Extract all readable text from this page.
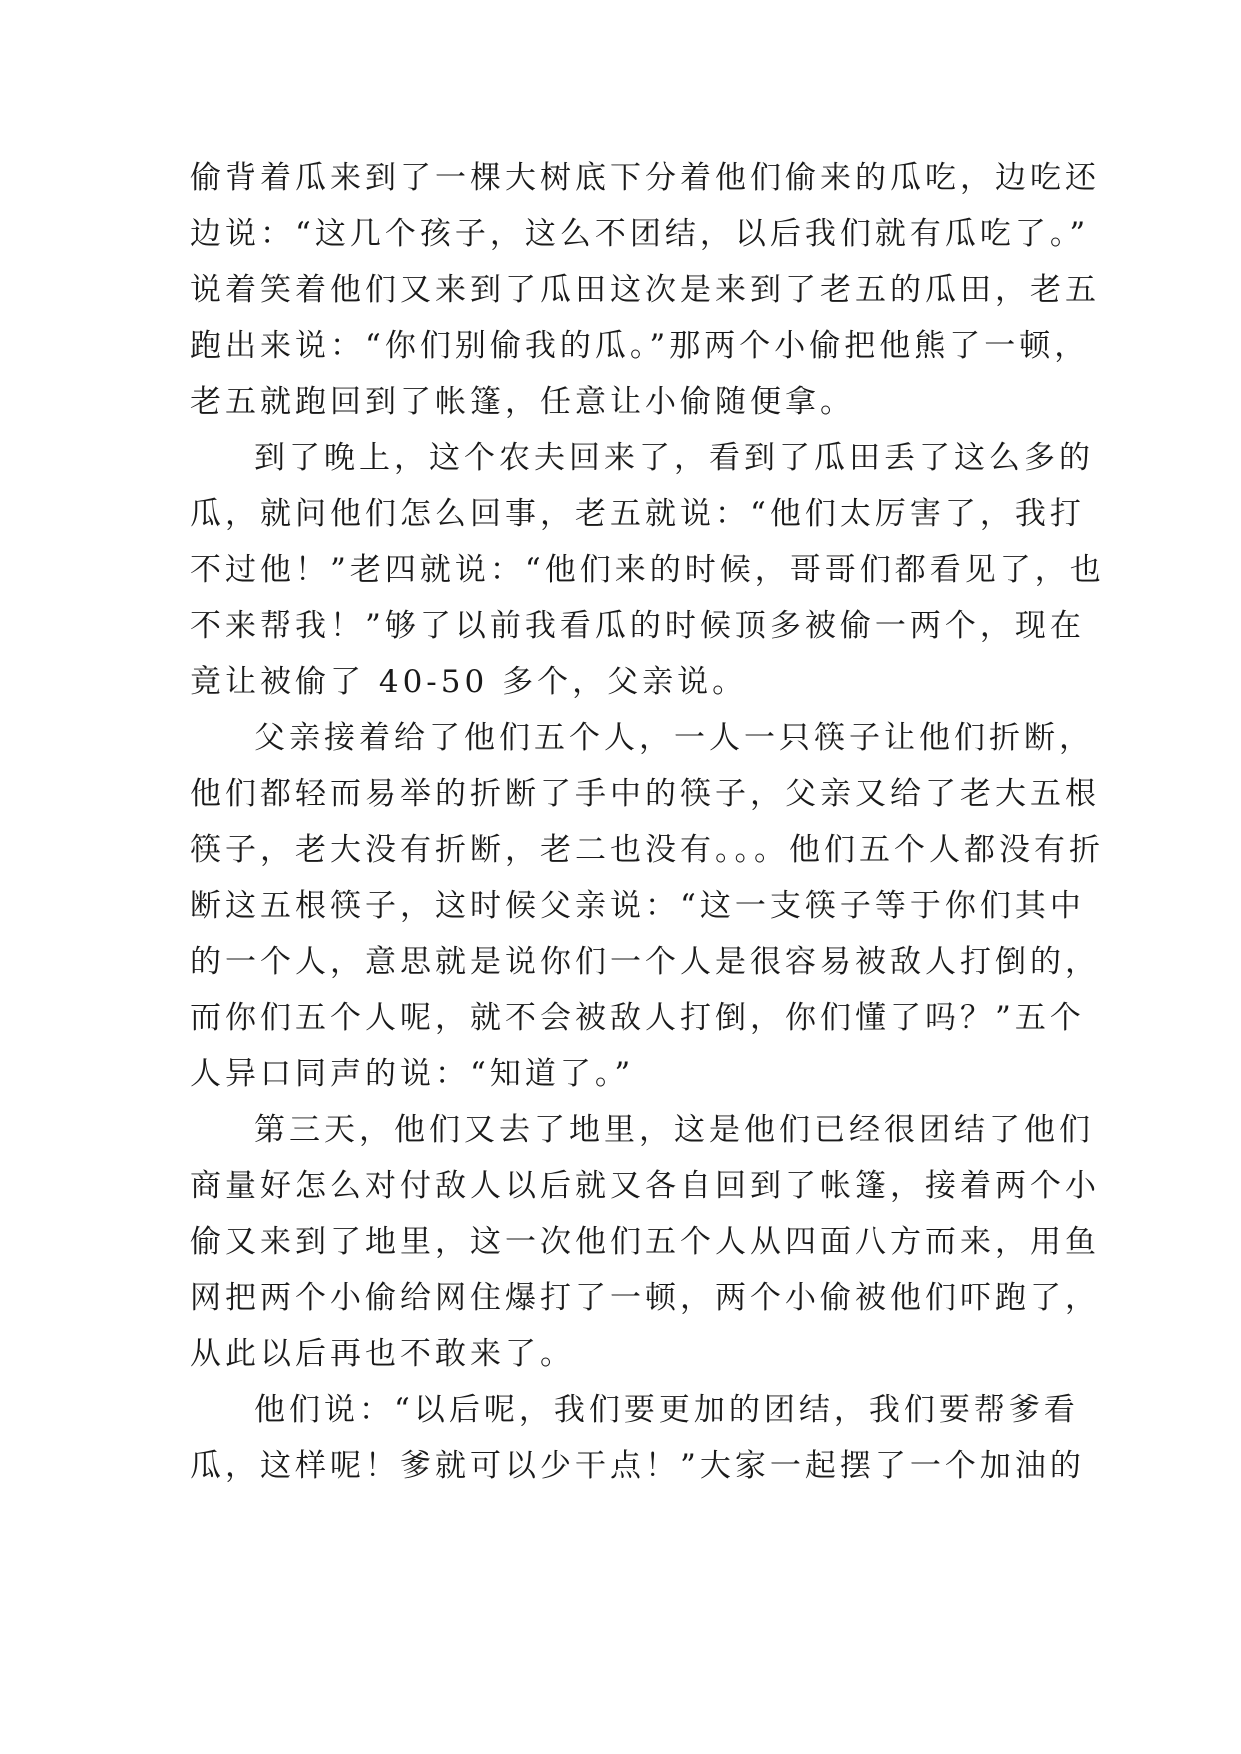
偷背着瓜来到了一棵大树底下分着他们偷来的瓜吃，边吃还
边说：“这几个孩子，这么不团结，以后我们就有瓜吃了。”
说着笑着他们又来到了瓜田这次是来到了老五的瓜田，老五
跑出来说：“你们别偷我的瓜。”那两个小偷把他熊了一顿，
老五就跑回到了帐篷，任意让小偷随便拿。
到了晚上，这个农夫回来了，看到了瓜田丢了这么多的
瓜，就问他们怎么回事，老五就说：“他们太厉害了，我打
不过他！”老四就说：“他们来的时候，哥哥们都看见了，也
不来帮我！”够了以前我看瓜的时候顶多被偷一两个，现在
竟让被偷了 40-50 多个，父亲说。
父亲接着给了他们五个人，一人一只筷子让他们折断，
他们都轻而易举的折断了手中的筷子，父亲又给了老大五根
筷子，老大没有折断，老二也没有。。。他们五个人都没有折
断这五根筷子，这时候父亲说：“这一支筷子等于你们其中
的一个人，意思就是说你们一个人是很容易被敌人打倒的，
而你们五个人呢，就不会被敌人打倒，你们懂了吗？”五个
人异口同声的说：“知道了。”
第三天，他们又去了地里，这是他们已经很团结了他们
商量好怎么对付敌人以后就又各自回到了帐篷，接着两个小
偷又来到了地里，这一次他们五个人从四面八方而来，用鱼
网把两个小偷给网住爆打了一顿，两个小偷被他们吓跑了，
从此以后再也不敢来了。
他们说：“以后呢，我们要更加的团结，我们要帮爹看
瓜，这样呢！爹就可以少干点！”大家一起摆了一个加油的
